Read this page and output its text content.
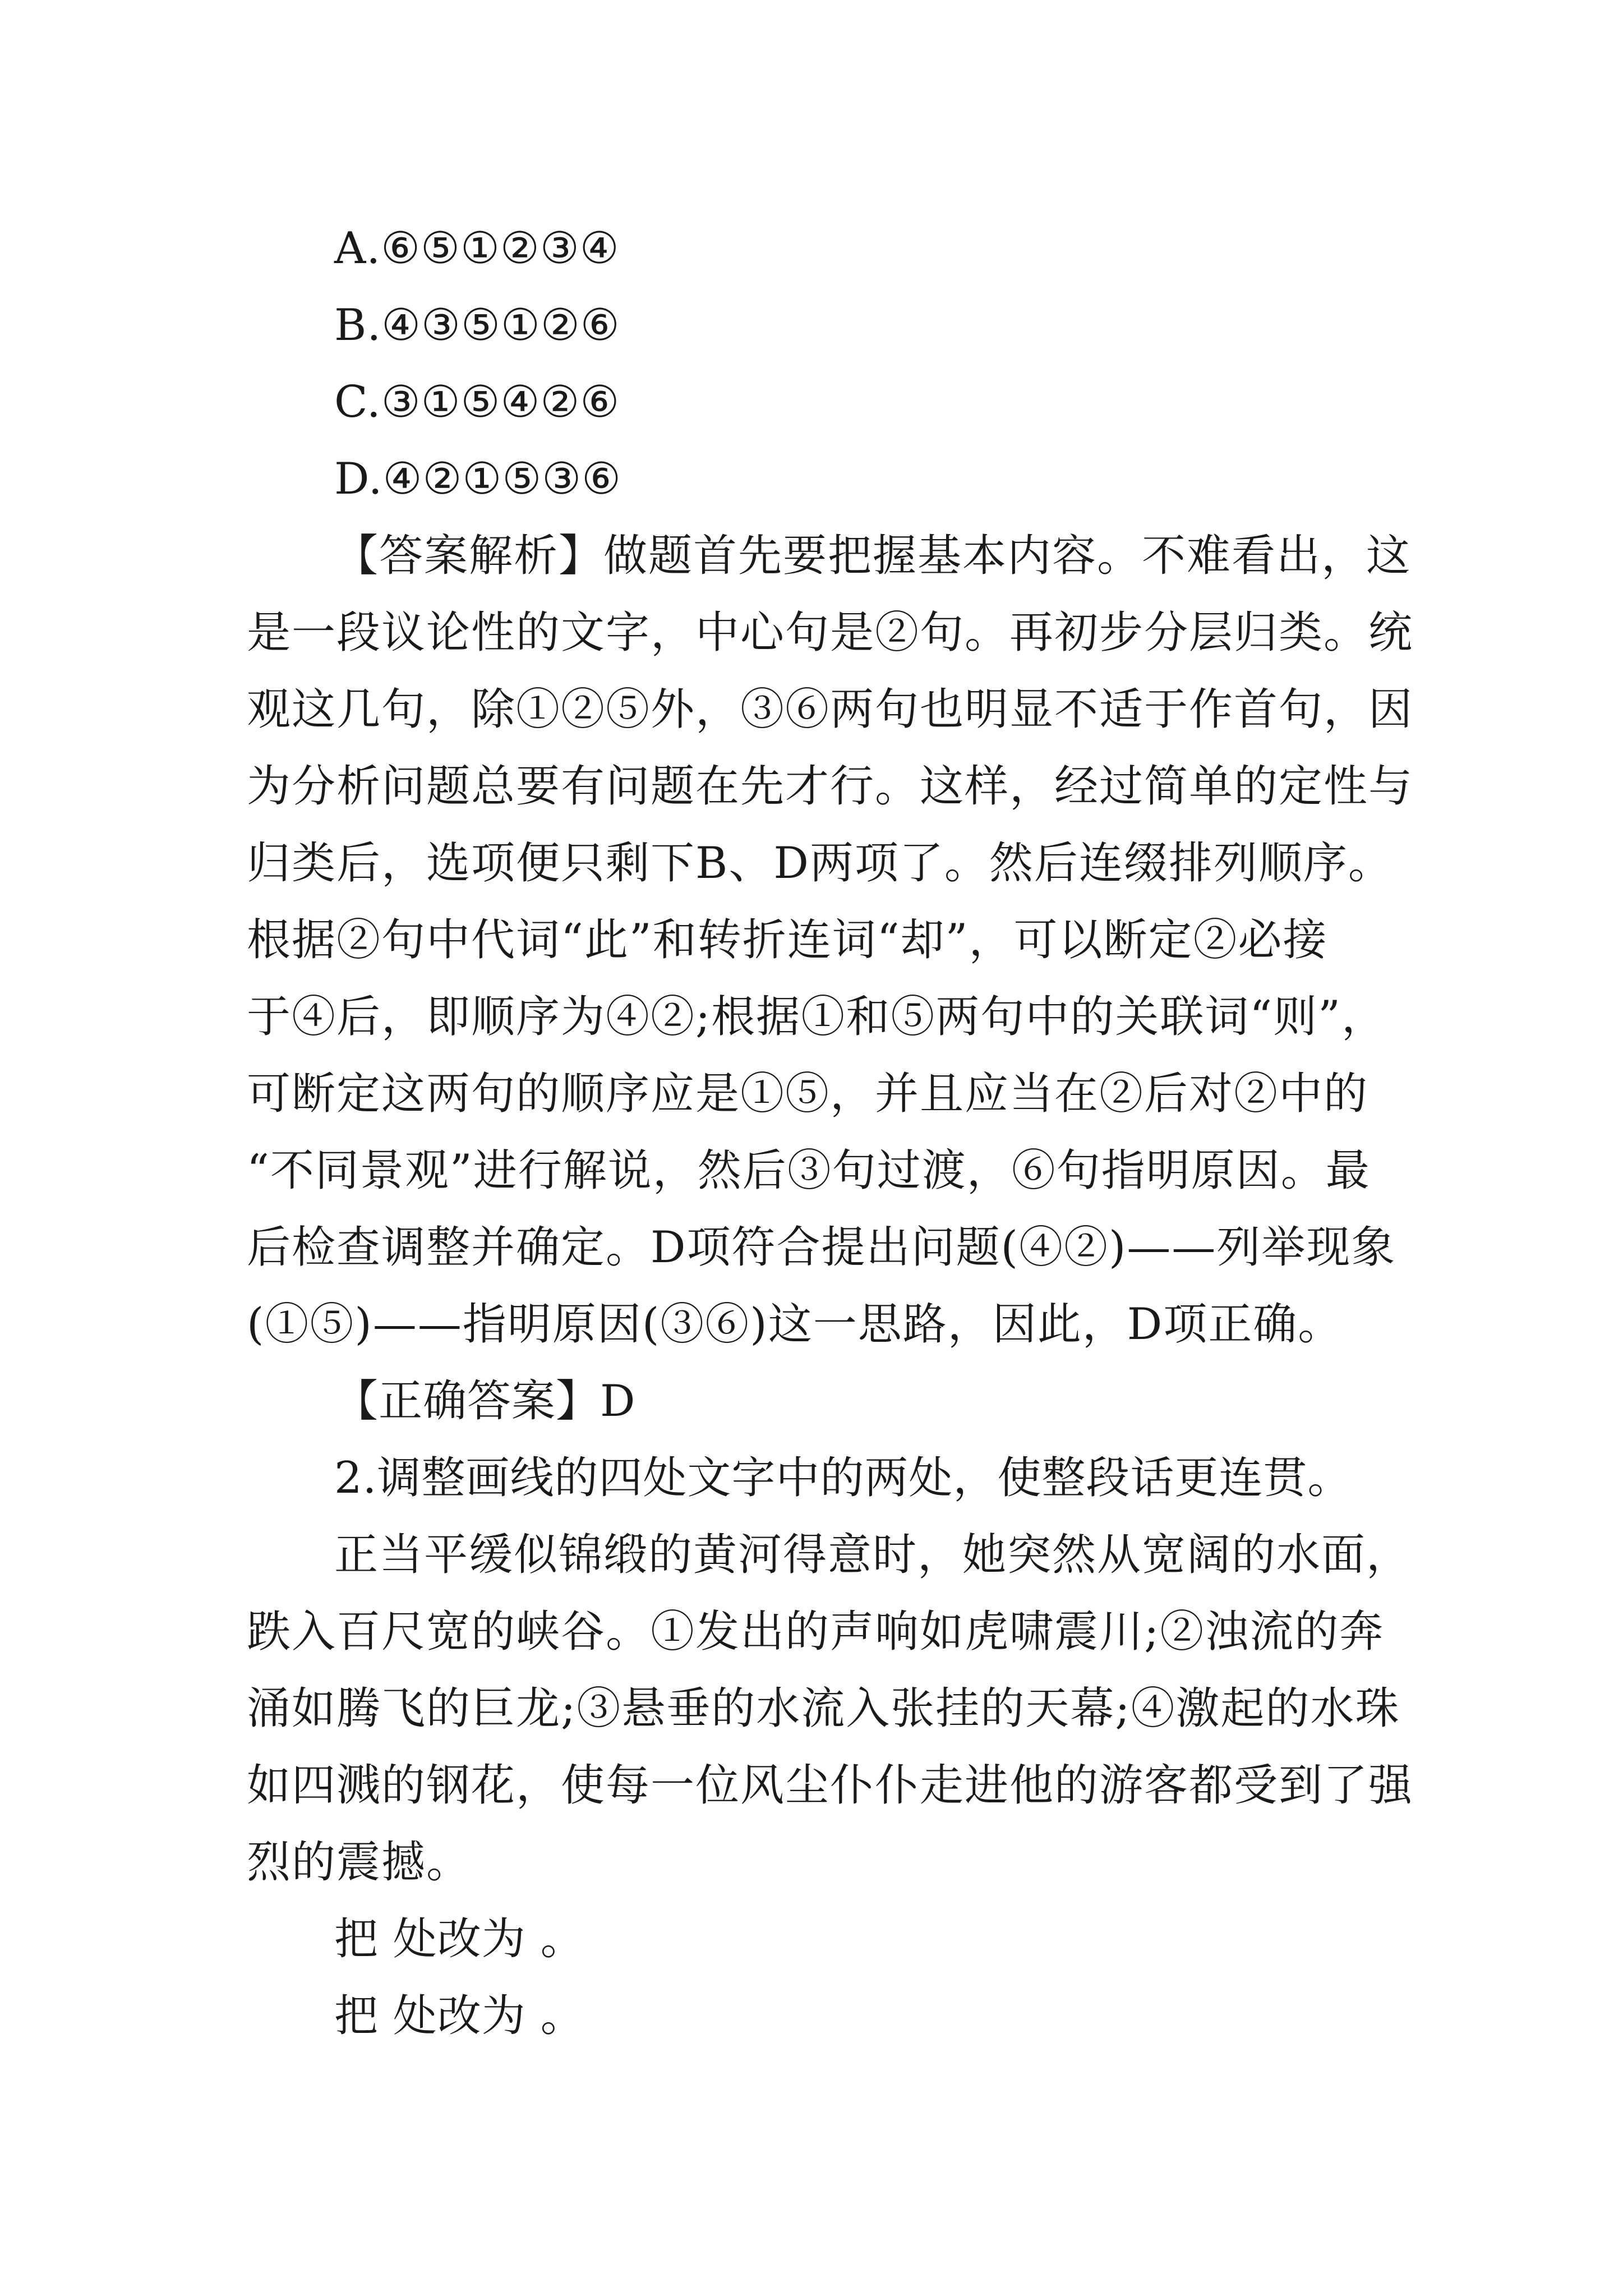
A.⑥⑤①②③④
B.④③⑤①②⑥
C.③①⑤④②⑥
D.④②①⑤③⑥
【答案解析】做题首先要把握基本内容。不难看出，这
是一段议论性的文字，中心句是②句。再初步分层归类。统
观这几句，除①②⑤外，③⑥两句也明显不适于作首句，因
为分析问题总要有问题在先才行。这样，经过简单的定性与
归类后，选项便只剩下B、D两项了。然后连缀排列顺序。
根据②句中代词“此”和转折连词“却”，可以断定②必接
于④后，即顺序为④②;根据①和⑤两句中的关联词“则”，
可断定这两句的顺序应是①⑤，并且应当在②后对②中的
“不同景观”进行解说，然后③句过渡，⑥句指明原因。最
后检查调整并确定。D项符合提出问题(④②)——列举现象
(①⑤)——指明原因(③⑥)这一思路，因此，D项正确。
【正确答案】D
2.调整画线的四处文字中的两处，使整段话更连贯。
正当平缓似锦缎的黄河得意时，她突然从宽阔的水面，
跌入百尺宽的峡谷。①发出的声响如虎啸震川;②浊流的奔
涌如腾飞的巨龙;③悬垂的水流入张挂的天幕;④激起的水珠
如四溅的钢花，使每一位风尘仆仆走进他的游客都受到了强
烈的震撼。
把 处改为 。
把 处改为 。
